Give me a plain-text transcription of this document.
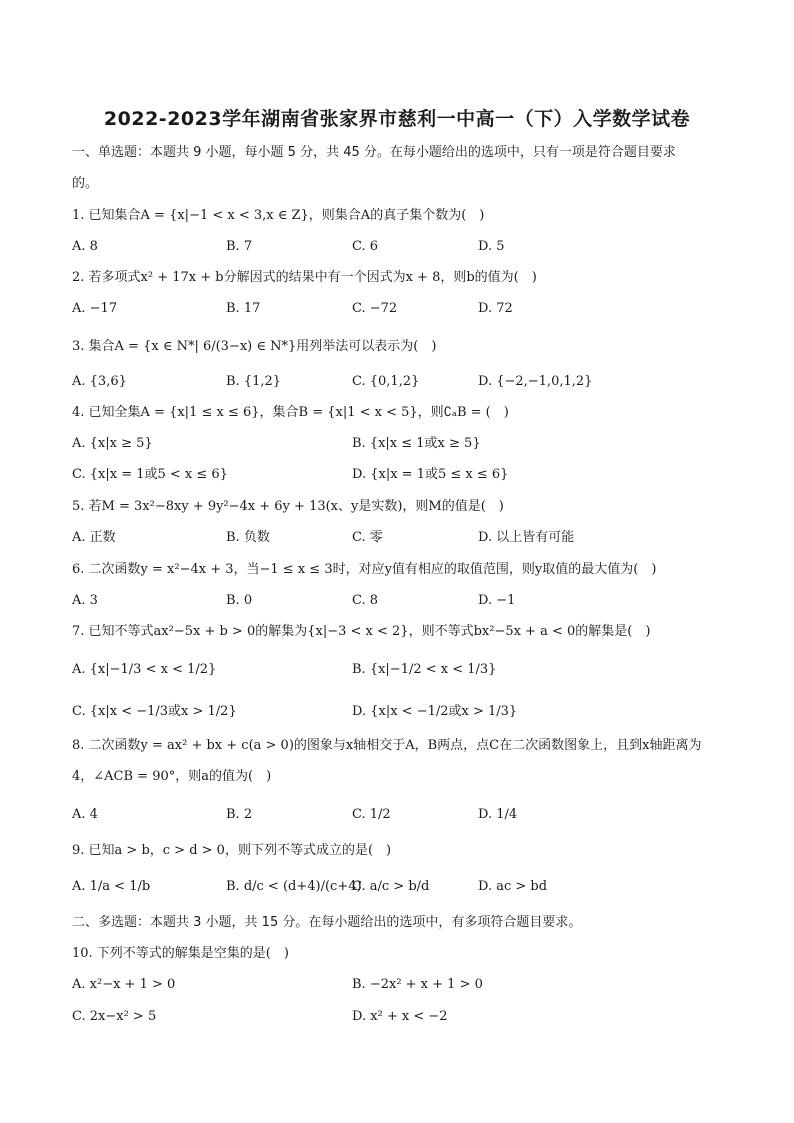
2022-2023学年湖南省张家界市慈利一中高一（下）入学数学试卷
一、单选题：本题共 9 小题，每小题 5 分，共 45 分。在每小题给出的选项中，只有一项是符合题目要求
的。
1. 已知集合A = {x|−1 < x < 3,x ∈ Z}，则集合A的真子集个数为(　)
A. 8	B. 7	C. 6	D. 5
2. 若多项式x² + 17x + b分解因式的结果中有一个因式为x + 8，则b的值为(　)
A. −17	B. 17	C. −72	D. 72
3. 集合A = {x ∈ N*| 6/(3−x) ∈ N*}用列举法可以表示为(　)
A. {3,6}	B. {1,2}	C. {0,1,2}	D. {−2,−1,0,1,2}
4. 已知全集A = {x|1 ≤ x ≤ 6}，集合B = {x|1 < x < 5}，则∁ₐB = (　)
A. {x|x ≥ 5}	B. {x|x ≤ 1或x ≥ 5}
C. {x|x = 1或5 < x ≤ 6}	D. {x|x = 1或5 ≤ x ≤ 6}
5. 若M = 3x²−8xy + 9y²−4x + 6y + 13(x、y是实数)，则M的值是(　)
A. 正数	B. 负数	C. 零	D. 以上皆有可能
6. 二次函数y = x²−4x + 3，当−1 ≤ x ≤ 3时，对应y值有相应的取值范围，则y取值的最大值为(　)
A. 3	B. 0	C. 8	D. −1
7. 已知不等式ax²−5x + b > 0的解集为{x|−3 < x < 2}，则不等式bx²−5x + a < 0的解集是(　)
A. {x|−1/3 < x < 1/2}	B. {x|−1/2 < x < 1/3}
C. {x|x < −1/3或x > 1/2}	D. {x|x < −1/2或x > 1/3}
8. 二次函数y = ax² + bx + c(a > 0)的图象与x轴相交于A，B两点，点C在二次函数图象上，且到x轴距离为
4，∠ACB = 90°，则a的值为(　)
A. 4	B. 2	C. 1/2	D. 1/4
9. 已知a > b，c > d > 0，则下列不等式成立的是(　)
A. 1/a < 1/b	B. d/c < (d+4)/(c+4)
C. a/c > b/d	D. ac > bd
二、多选题：本题共 3 小题，共 15 分。在每小题给出的选项中，有多项符合题目要求。
10. 下列不等式的解集是空集的是(　)
A. x²−x + 1 > 0	B. −2x² + x + 1 > 0
C. 2x−x² > 5	D. x² + x < −2
